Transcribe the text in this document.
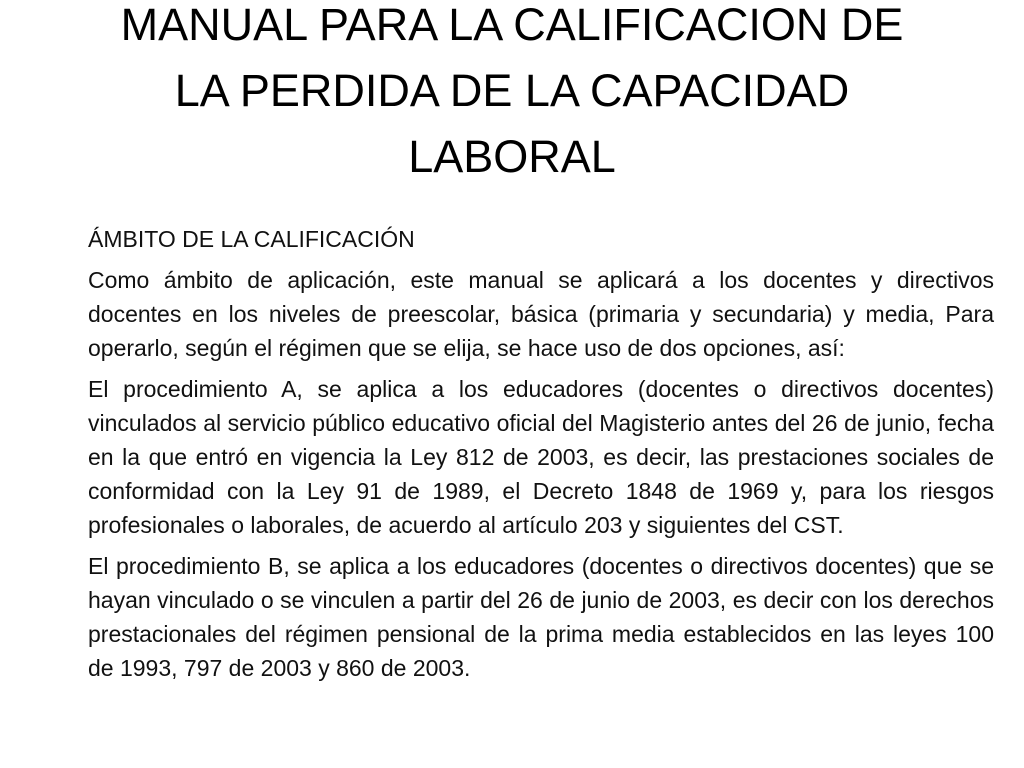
MANUAL PARA LA CALIFICACION DE
LA PERDIDA DE LA CAPACIDAD
LABORAL

ÁMBITO DE LA CALIFICACIÓN

Como ámbito de aplicación, este manual se aplicará a los docentes y directivos docentes en los niveles de preescolar, básica (primaria y secundaria) y media, Para operarlo, según el régimen que se elija, se hace uso de dos opciones, así:

El procedimiento A, se aplica a los educadores (docentes o directivos docentes) vinculados al servicio público educativo oficial del Magisterio antes del 26 de junio, fecha en la que entró en vigencia la Ley 812 de 2003, es decir, las prestaciones sociales de conformidad con la Ley 91 de 1989, el Decreto 1848 de 1969 y, para los riesgos profesionales o laborales, de acuerdo al artículo 203 y siguientes del CST.

El procedimiento B, se aplica a los educadores (docentes o directivos docentes) que se hayan vinculado o se vinculen a partir del 26 de junio de 2003, es decir con los derechos prestacionales del régimen pensional de la prima media establecidos en las leyes 100 de 1993, 797 de 2003 y 860 de 2003.
